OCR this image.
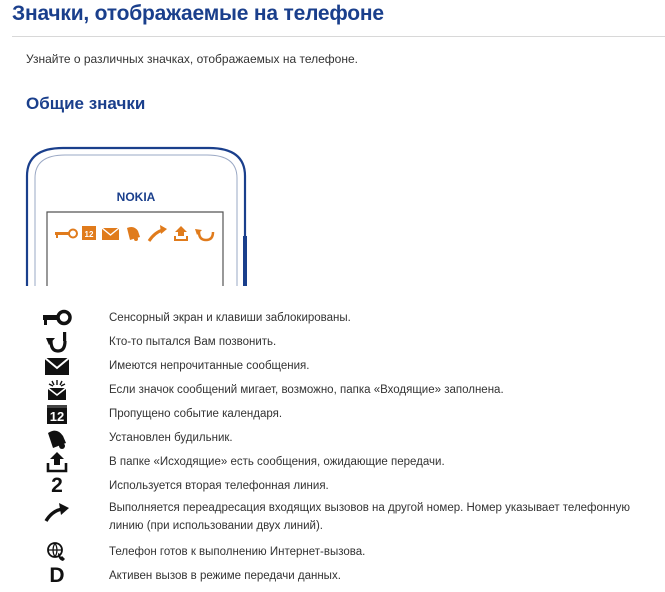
Значки, отображаемые на телефоне
Узнайте о различных значках, отображаемых на телефоне.
Общие значки
NOKIA
12
Сенсорный экран и клавиши заблокированы.
Кто-то пытался Вам позвонить.
Имеются непрочитанные сообщения.
Если значок сообщений мигает, возможно, папка «Входящие» заполнена.
12	Пропущено событие календаря.
Установлен будильник.
В папке «Исходящие» есть сообщения, ожидающие передачи.
2	Используется вторая телефонная линия.
Выполняется переадресация входящих вызовов на другой номер. Номер указывает телефонную линию (при использовании двух линий).
Телефон готов к выполнению Интернет-вызова.
D	Активен вызов в режиме передачи данных.
